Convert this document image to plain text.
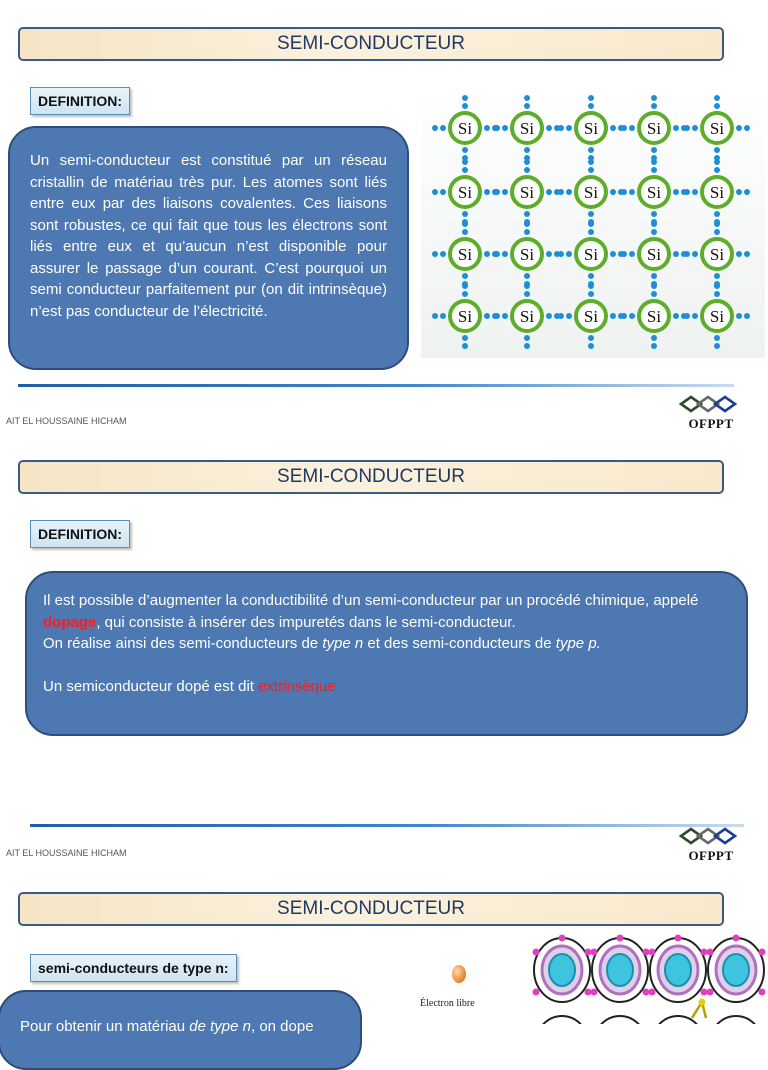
SEMI-CONDUCTEUR
DEFINITION:
Un semi-conducteur est constitué par un réseau cristallin de matériau très pur. Les atomes sont liés entre eux par des liaisons covalentes. Ces liaisons sont robustes, ce qui fait que tous les électrons sont liés entre eux et qu’aucun n’est disponible pour assurer le passage d’un courant. C’est pourquoi un semi conducteur parfaitement pur (on dit intrinsèque) n’est pas conducteur de l’électricité.
Si	Si	Si	Si	Si
Si	Si	Si	Si	Si
Si	Si	Si	Si	Si
Si	Si	Si	Si	Si
AIT EL HOUSSAINE HICHAM	OFPPT
SEMI-CONDUCTEUR
DEFINITION:
Il est possible d’augmenter la conductibilité d’un semi-conducteur par un procédé chimique, appelé dopage, qui consiste à insérer des impuretés dans le semi-conducteur.
On réalise ainsi des semi-conducteurs de type n et des semi-conducteurs de type p.
Un semiconducteur dopé est dit extrinsèque
AIT EL HOUSSAINE HICHAM	OFPPT
SEMI-CONDUCTEUR
semi-conducteurs de type n:
Pour obtenir un matériau de type n, on dope
Électron libre
